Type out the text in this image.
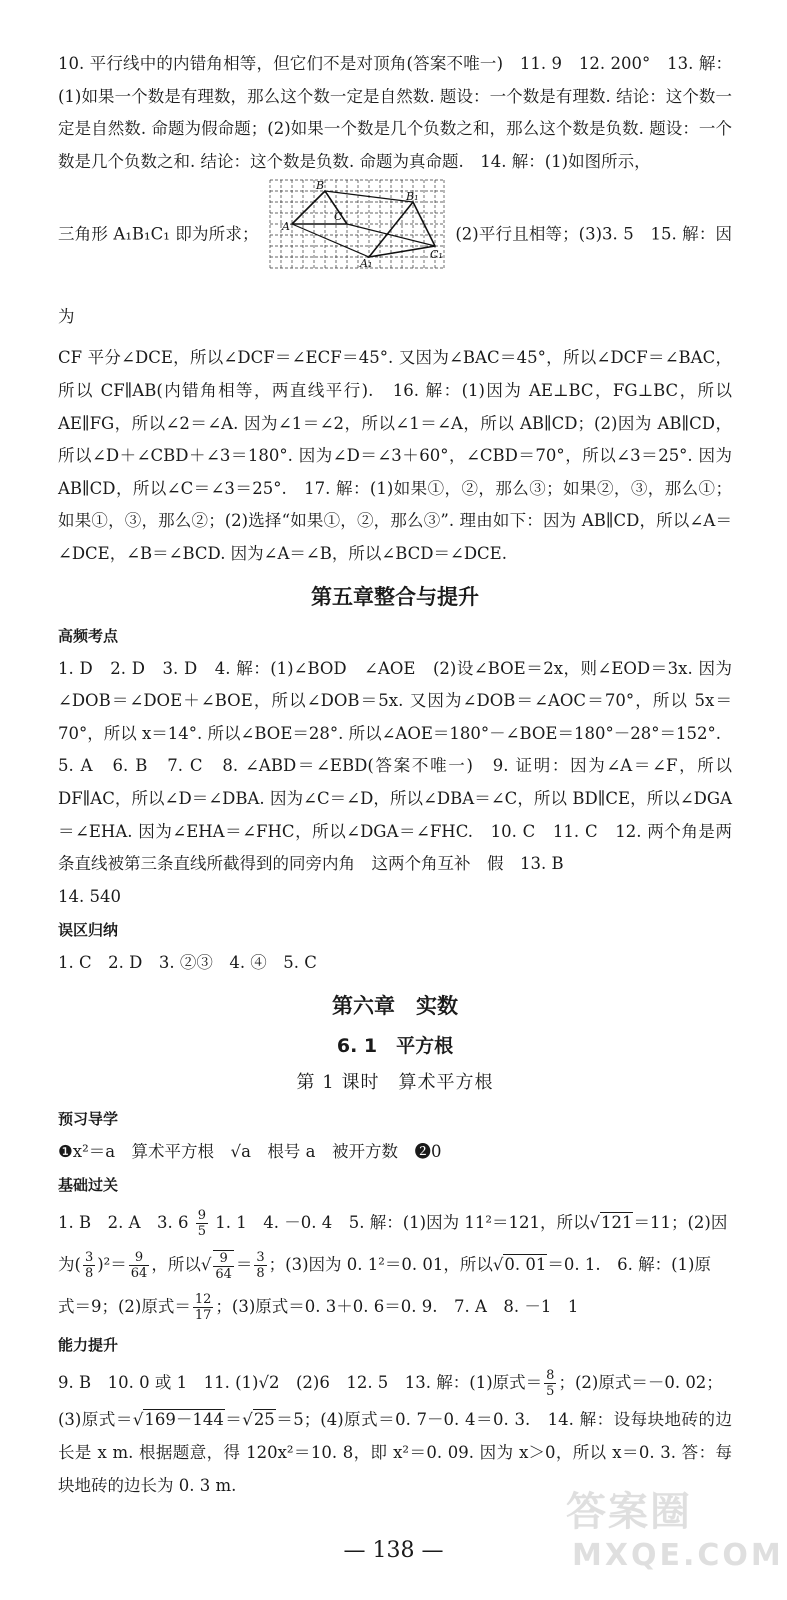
10. 平行线中的内错角相等，但它们不是对顶角(答案不唯一)　11. 9　12. 200°　13. 解：(1)如果一个数是有理数，那么这个数一定是自然数. 题设：一个数是有理数. 结论：这个数一定是自然数. 命题为假命题；(2)如果一个数是几个负数之和，那么这个数是负数. 题设：一个数是几个负数之和. 结论：这个数是负数. 命题为真命题.　14. 解：(1)如图所示，

三角形 A₁B₁C₁ 即为所求；
B
A₁
C
B₁
A
C₁
(2)平行且相等；(3)3. 5　15. 解：因为

CF 平分∠DCE，所以∠DCF＝∠ECF＝45°. 又因为∠BAC＝45°，所以∠DCF＝∠BAC，所以 CF∥AB(内错角相等，两直线平行).　16. 解：(1)因为 AE⊥BC，FG⊥BC，所以 AE∥FG，所以∠2＝∠A. 因为∠1＝∠2，所以∠1＝∠A，所以 AB∥CD；(2)因为 AB∥CD，所以∠D＋∠CBD＋∠3＝180°. 因为∠D＝∠3＋60°，∠CBD＝70°，所以∠3＝25°. 因为 AB∥CD，所以∠C＝∠3＝25°.　17. 解：(1)如果①，②，那么③；如果②，③，那么①；如果①，③，那么②；(2)选择“如果①，②，那么③”. 理由如下：因为 AB∥CD，所以∠A＝∠DCE，∠B＝∠BCD. 因为∠A＝∠B，所以∠BCD＝∠DCE.

第五章整合与提升

高频考点

1. D　2. D　3. D　4. 解：(1)∠BOD　∠AOE　(2)设∠BOE＝2x，则∠EOD＝3x. 因为∠DOB＝∠DOE＋∠BOE，所以∠DOB＝5x. 又因为∠DOB＝∠AOC＝70°，所以 5x＝70°，所以 x＝14°. 所以∠BOE＝28°. 所以∠AOE＝180°－∠BOE＝180°－28°＝152°.

5. A　6. B　7. C　8. ∠ABD＝∠EBD(答案不唯一)　9. 证明：因为∠A＝∠F，所以 DF∥AC，所以∠D＝∠DBA. 因为∠C＝∠D，所以∠DBA＝∠C，所以 BD∥CE，所以∠DGA＝∠EHA. 因为∠EHA＝∠FHC，所以∠DGA＝∠FHC.　10. C　11. C　12. 两个角是两条直线被第三条直线所截得到的同旁内角　这两个角互补　假　13. B

14. 540

误区归纳

1. C　2. D　3. ②③　4. ④　5. C

第六章　实数
6. 1　平方根
第 1 课时　算术平方根

预习导学

❶x²＝a　算术平方根　√a　根号 a　被开方数　❷0

基础过关

1. B　2. A　3. $6 \frac{9}{5} 1$. 1　4. －0. 4　5. 解：(1)因为 11²＝121，所以√121＝11；(2)因

为( $\frac{3}{8} )^2= \frac{9}{64}$ ，所以√ $\frac{9}{64} = \frac{3}{8}$ ；(3)因为 0. 1²＝0. 01，所以√0. 01＝0. 1.　6. 解：(1)原

式＝9；(2)原式＝ $\frac{12}{17}$ ；(3)原式＝0. 3＋0. 6＝0. 9.　7. A　8. －1　1

能力提升

9. B　10. 0 或 1　11. (1)√2　(2)6　12. 5　13. 解：(1)原式＝ $\frac{8}{5}$ ；(2)原式＝－0. 02；

(3)原式＝√169－144＝√25＝5；(4)原式＝0. 7－0. 4＝0. 3.　14. 解：设每块地砖的边长是 x m. 根据题意，得 120x²＝10. 8，即 x²＝0. 09. 因为 x＞0，所以 x＝0. 3. 答：每块地砖的边长为 0. 3 m.

— 138 —
答案圈
MXQE.COM
